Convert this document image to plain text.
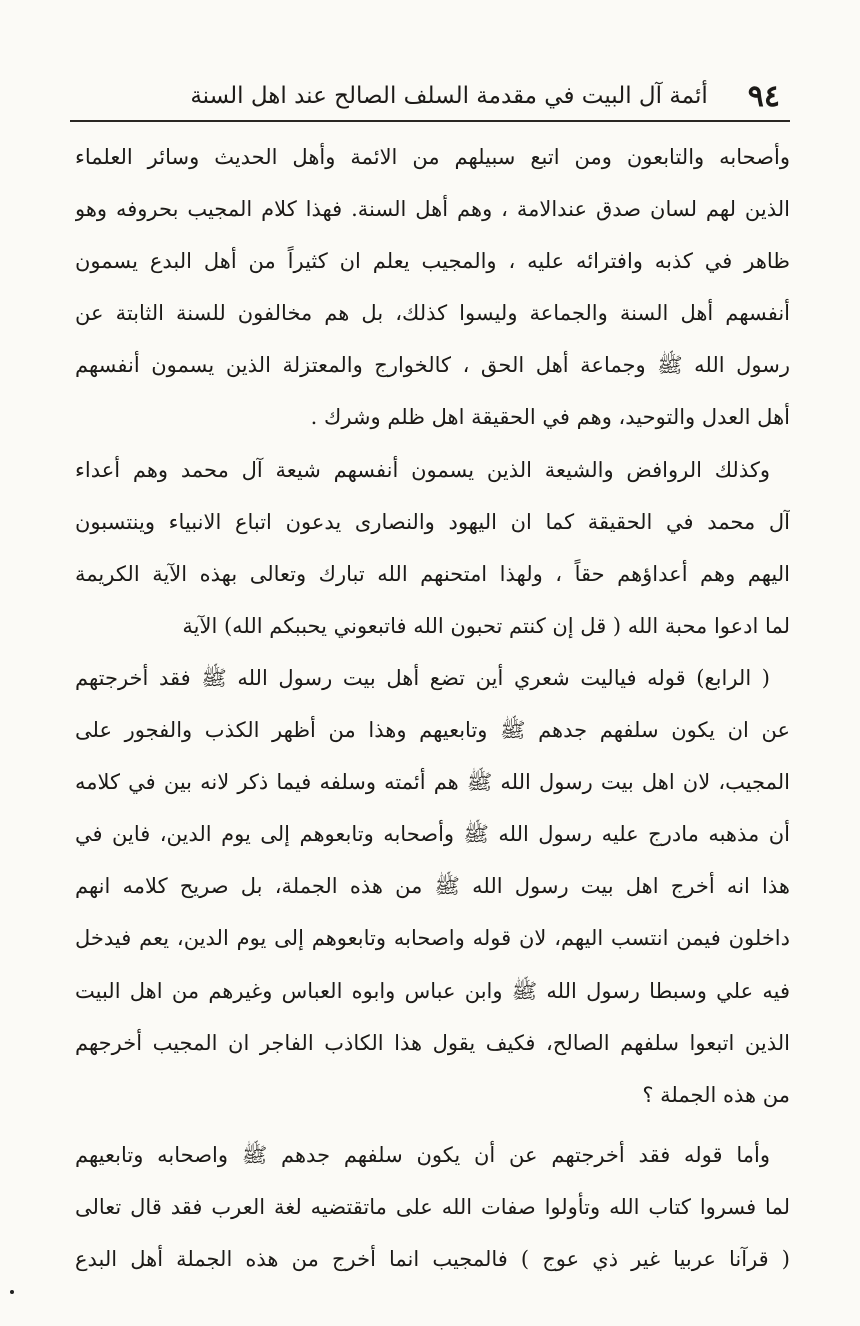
٩٤
أئمة آل البيت في مقدمة السلف الصالح عند اهل السنة
وأصحابه والتابعون ومن اتبع سبيلهم من الائمة وأهل الحديث وسائر العلماء
الذين لهم لسان صدق عندالامة ، وهم أهل السنة. فهذا كلام المجيب بحروفه وهو
ظاهر في كذبه وافترائه عليه ، والمجيب يعلم ان كثيراً من أهل البدع يسمون
أنفسهم أهل السنة والجماعة وليسوا كذلك، بل هم مخالفون للسنة الثابتة عن
رسول الله ﷺ وجماعة أهل الحق ، كالخوارج والمعتزلة الذين يسمون أنفسهم
أهل العدل والتوحيد، وهم في الحقيقة اهل ظلم وشرك .
وكذلك الروافض والشيعة الذين يسمون أنفسهم شيعة آل محمد وهم أعداء
آل محمد في الحقيقة كما ان اليهود والنصارى يدعون اتباع الانبياء وينتسبون
اليهم وهم أعداؤهم حقاً ، ولهذا امتحنهم الله تبارك وتعالى بهذه الآية الكريمة
لما ادعوا محبة الله ( قل إن كنتم تحبون الله فاتبعوني يحببكم الله) الآية
( الرابع) قوله فياليت شعري أين تضع أهل بيت رسول الله ﷺ فقد أخرجتهم
عن ان يكون سلفهم جدهم ﷺ وتابعيهم وهذا من أظهر الكذب والفجور على
المجيب، لان اهل بيت رسول الله ﷺ هم أئمته وسلفه فيما ذكر لانه بين في كلامه
أن مذهبه مادرج عليه رسول الله ﷺ وأصحابه وتابعوهم إلى يوم الدين، فاين في
هذا انه أخرج اهل بيت رسول الله ﷺ من هذه الجملة، بل صريح كلامه انهم
داخلون فيمن انتسب اليهم، لان قوله واصحابه وتابعوهم إلى يوم الدين، يعم فيدخل
فيه علي وسبطا رسول الله ﷺ وابن عباس وابوه العباس وغيرهم من اهل البيت
الذين اتبعوا سلفهم الصالح، فكيف يقول هذا الكاذب الفاجر ان المجيب أخرجهم
من هذه الجملة ؟
وأما قوله فقد أخرجتهم عن أن يكون سلفهم جدهم ﷺ واصحابه وتابعيهم
لما فسروا كتاب الله وتأولوا صفات الله على ماتقتضيه لغة العرب فقد قال تعالى
( قرآنا عربيا غير ذي عوج ) فالمجيب انما أخرج من هذه الجملة أهل البدع
